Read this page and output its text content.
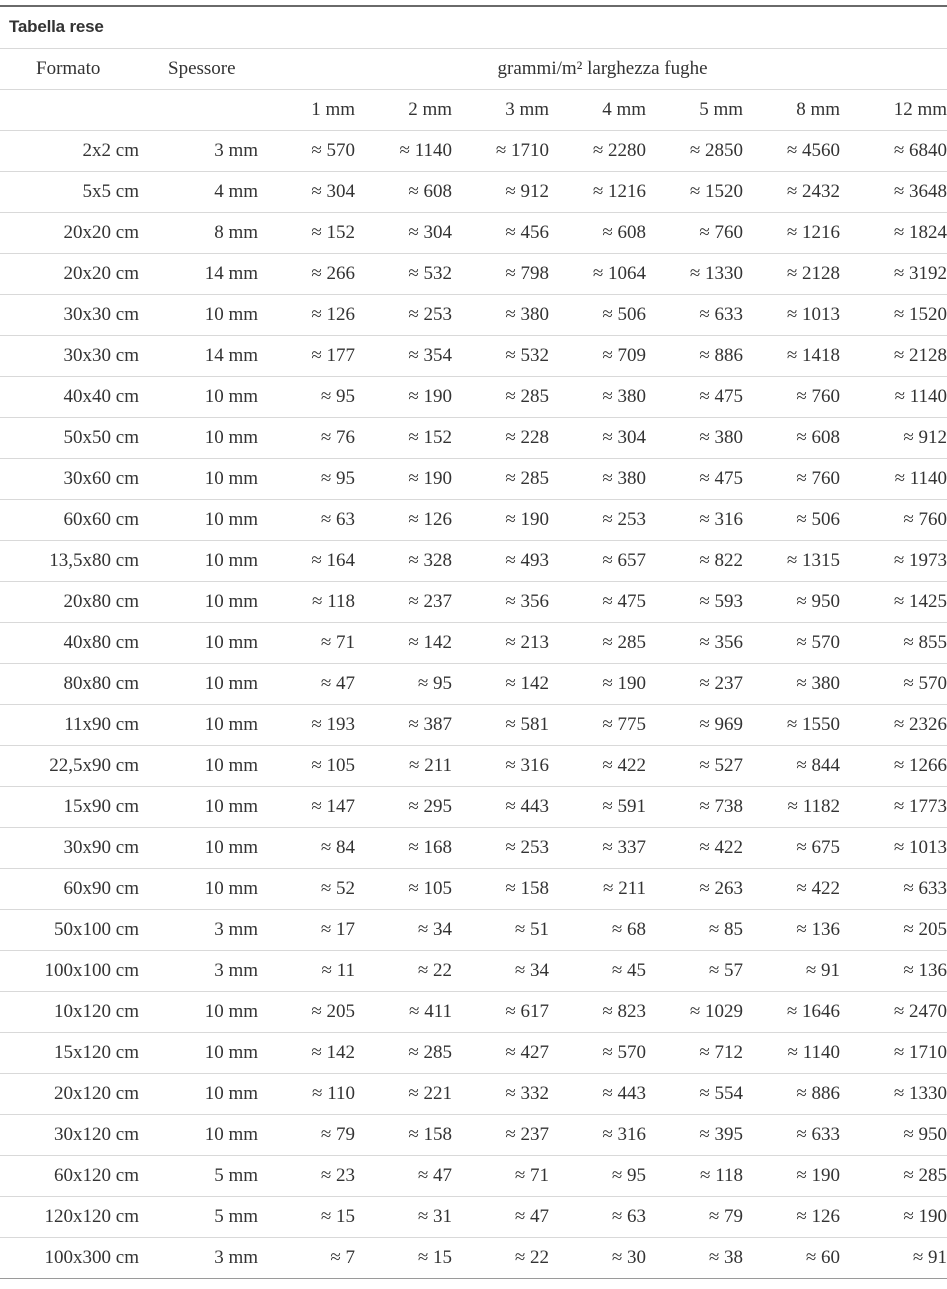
Tabella rese
Formato	Spessore	grammi/m² larghezza fughe						
		1 mm	2 mm	3 mm	4 mm	5 mm	8 mm	12 mm
2x2 cm	3 mm	≈ 570	≈ 1140	≈ 1710	≈ 2280	≈ 2850	≈ 4560	≈ 6840
5x5 cm	4 mm	≈ 304	≈ 608	≈ 912	≈ 1216	≈ 1520	≈ 2432	≈ 3648
20x20 cm	8 mm	≈ 152	≈ 304	≈ 456	≈ 608	≈ 760	≈ 1216	≈ 1824
20x20 cm	14 mm	≈ 266	≈ 532	≈ 798	≈ 1064	≈ 1330	≈ 2128	≈ 3192
30x30 cm	10 mm	≈ 126	≈ 253	≈ 380	≈ 506	≈ 633	≈ 1013	≈ 1520
30x30 cm	14 mm	≈ 177	≈ 354	≈ 532	≈ 709	≈ 886	≈ 1418	≈ 2128
40x40 cm	10 mm	≈ 95	≈ 190	≈ 285	≈ 380	≈ 475	≈ 760	≈ 1140
50x50 cm	10 mm	≈ 76	≈ 152	≈ 228	≈ 304	≈ 380	≈ 608	≈ 912
30x60 cm	10 mm	≈ 95	≈ 190	≈ 285	≈ 380	≈ 475	≈ 760	≈ 1140
60x60 cm	10 mm	≈ 63	≈ 126	≈ 190	≈ 253	≈ 316	≈ 506	≈ 760
13,5x80 cm	10 mm	≈ 164	≈ 328	≈ 493	≈ 657	≈ 822	≈ 1315	≈ 1973
20x80 cm	10 mm	≈ 118	≈ 237	≈ 356	≈ 475	≈ 593	≈ 950	≈ 1425
40x80 cm	10 mm	≈ 71	≈ 142	≈ 213	≈ 285	≈ 356	≈ 570	≈ 855
80x80 cm	10 mm	≈ 47	≈ 95	≈ 142	≈ 190	≈ 237	≈ 380	≈ 570
11x90 cm	10 mm	≈ 193	≈ 387	≈ 581	≈ 775	≈ 969	≈ 1550	≈ 2326
22,5x90 cm	10 mm	≈ 105	≈ 211	≈ 316	≈ 422	≈ 527	≈ 844	≈ 1266
15x90 cm	10 mm	≈ 147	≈ 295	≈ 443	≈ 591	≈ 738	≈ 1182	≈ 1773
30x90 cm	10 mm	≈ 84	≈ 168	≈ 253	≈ 337	≈ 422	≈ 675	≈ 1013
60x90 cm	10 mm	≈ 52	≈ 105	≈ 158	≈ 211	≈ 263	≈ 422	≈ 633
50x100 cm	3 mm	≈ 17	≈ 34	≈ 51	≈ 68	≈ 85	≈ 136	≈ 205
100x100 cm	3 mm	≈ 11	≈ 22	≈ 34	≈ 45	≈ 57	≈ 91	≈ 136
10x120 cm	10 mm	≈ 205	≈ 411	≈ 617	≈ 823	≈ 1029	≈ 1646	≈ 2470
15x120 cm	10 mm	≈ 142	≈ 285	≈ 427	≈ 570	≈ 712	≈ 1140	≈ 1710
20x120 cm	10 mm	≈ 110	≈ 221	≈ 332	≈ 443	≈ 554	≈ 886	≈ 1330
30x120 cm	10 mm	≈ 79	≈ 158	≈ 237	≈ 316	≈ 395	≈ 633	≈ 950
60x120 cm	5 mm	≈ 23	≈ 47	≈ 71	≈ 95	≈ 118	≈ 190	≈ 285
120x120 cm	5 mm	≈ 15	≈ 31	≈ 47	≈ 63	≈ 79	≈ 126	≈ 190
100x300 cm	3 mm	≈ 7	≈ 15	≈ 22	≈ 30	≈ 38	≈ 60	≈ 91
